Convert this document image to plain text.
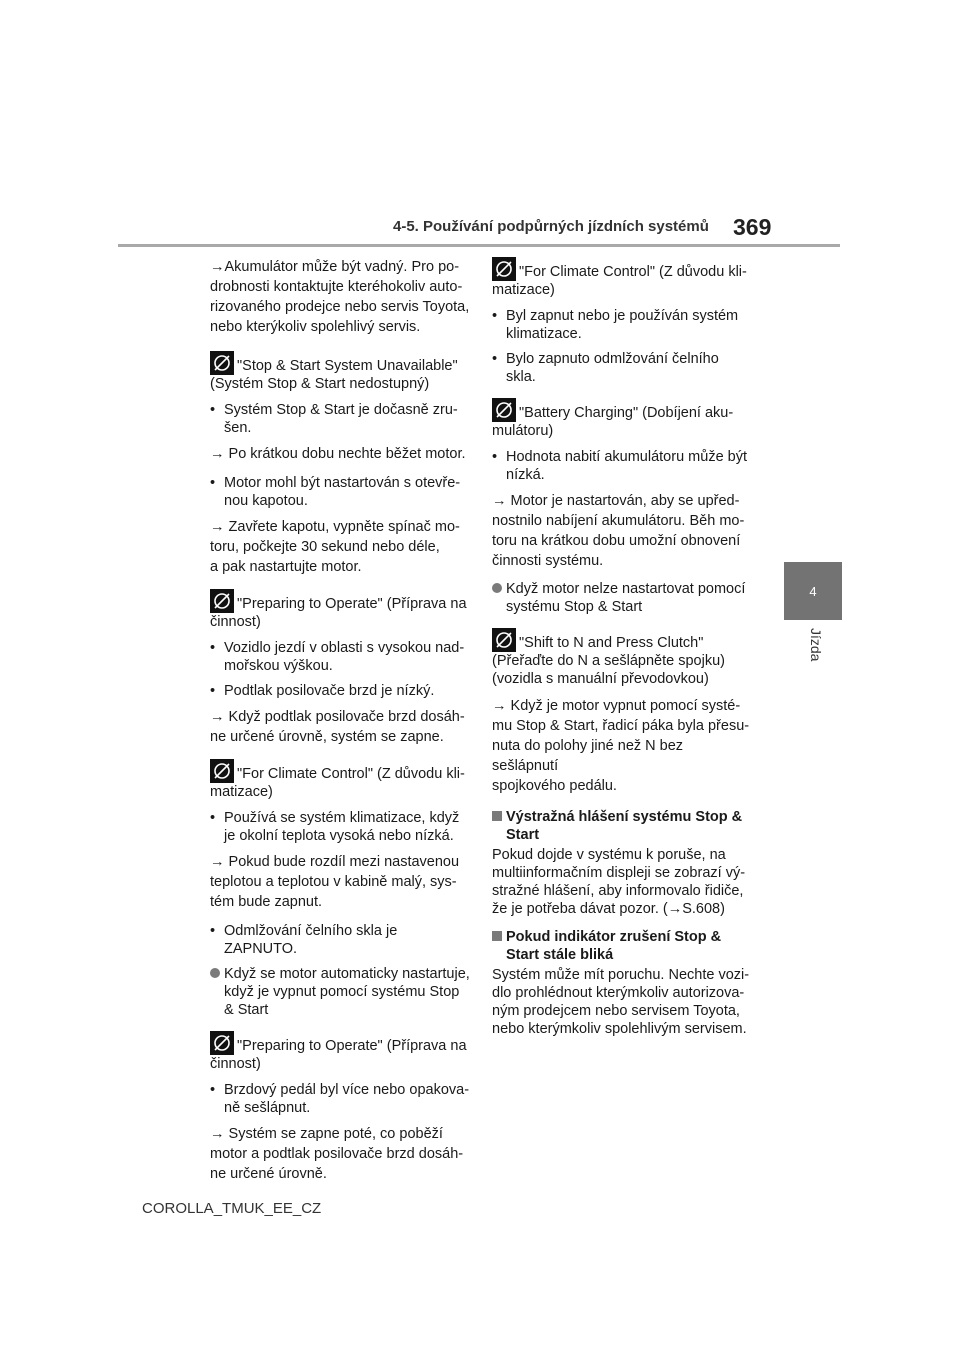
4-5. Používání podpůrných jízdních systémů 369
4
Jízda
→Akumulátor může být vadný. Pro po-
drobnosti kontaktujte kteréhokoliv auto-
rizovaného prodejce nebo servis Toyota,
nebo kterýkoliv spolehlivý servis.
"Stop & Start System Unavailable" (Systém Stop & Start nedostupný)
• Systém Stop & Start je dočasně zru-šen.
→ Po krátkou dobu nechte běžet motor.
• Motor mohl být nastartován s otevře-nou kapotou.
→ Zavřete kapotu, vypněte spínač mo-
toru, počkejte 30 sekund nebo déle,
a pak nastartujte motor.
"Preparing to Operate" (Příprava na činnost)
• Vozidlo jezdí v oblasti s vysokou nad-mořskou výškou.
• Podtlak posilovače brzd je nízký.
→ Když podtlak posilovače brzd dosáh-
ne určené úrovně, systém se zapne.
"For Climate Control" (Z důvodu kli-matizace)
• Používá se systém klimatizace, když je okolní teplota vysoká nebo nízká.
→ Pokud bude rozdíl mezi nastavenou
teplotou a teplotou v kabině malý, sys-
tém bude zapnut.
• Odmlžování čelního skla je ZAPNUTO.
Když se motor automaticky nastartuje, když je vypnut pomocí systému Stop & Start
"Preparing to Operate" (Příprava na činnost)
• Brzdový pedál byl více nebo opakova-ně sešlápnut.
→ Systém se zapne poté, co poběží
motor a podtlak posilovače brzd dosáh-
ne určené úrovně.
"For Climate Control" (Z důvodu kli-matizace)
• Byl zapnut nebo je používán systém klimatizace.
• Bylo zapnuto odmlžování čelního skla.
"Battery Charging" (Dobíjení aku-mulátoru)
• Hodnota nabití akumulátoru může být nízká.
→ Motor je nastartován, aby se upřed-
nostnilo nabíjení akumulátoru. Běh mo-
toru na krátkou dobu umožní obnovení
činnosti systému.
Když motor nelze nastartovat pomocí systému Stop & Start
"Shift to N and Press Clutch" (Přeřaďte do N a sešlápněte spojku) (vozidla s manuální převodovkou)
→ Když je motor vypnut pomocí systé-
mu Stop & Start, řadicí páka byla přesu-
nuta do polohy jiné než N bez sešlápnutí
spojkového pedálu.
Výstražná hlášení systému Stop & Start
Pokud dojde v systému k poruše, na multiinformačním displeji se zobrazí vý-stražné hlášení, aby informovalo řidiče, že je potřeba dávat pozor. (→S.608)
Pokud indikátor zrušení Stop & Start stále bliká
Systém může mít poruchu. Nechte vozi-dlo prohlédnout kterýmkoliv autorizova-ným prodejcem nebo servisem Toyota, nebo kterýmkoliv spolehlivým servisem.
COROLLA_TMUK_EE_CZ
